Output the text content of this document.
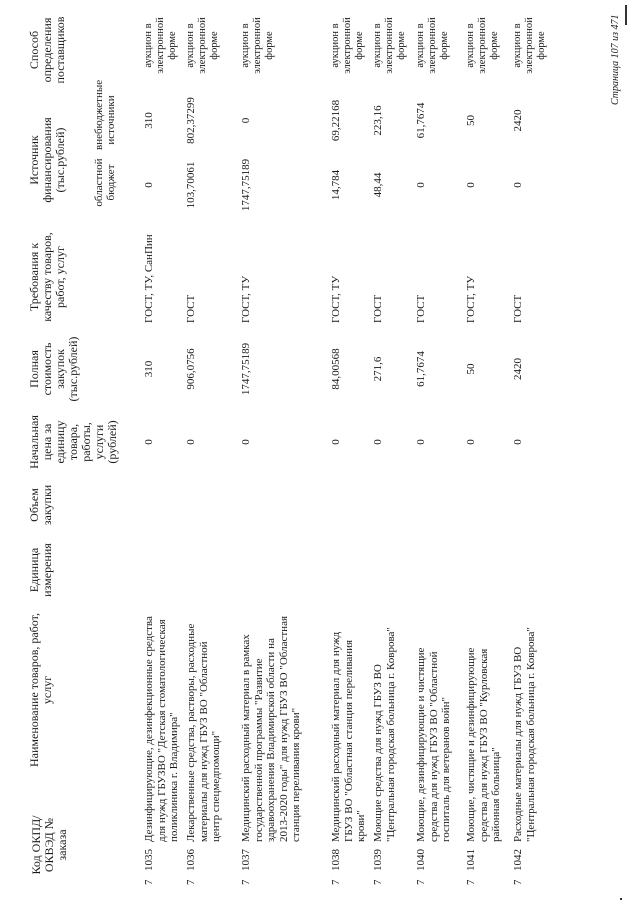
Код ОКПД/ ОКВЭД № заказа
Наименование товаров, работ, услуг
Единица измерения
Объем закупки
Начальная цена за единицу товара, работы, услуги (рублей)
Полная стоимость закупок (тыс.рублей)
Требования к качеству товаров, работ, услуг
Источник финансирования (тыс.рублей) областной бюджет
внебюджетные источники
Способ определения поставщиков
7
1035
Дезинфицирующие, дезинфекционные средства для нужд ГБУЗВО "Детская стоматологическая поликлиника г. Владимира"
0
310
ГОСТ, ТУ, СанПин
0
310
аукцион в электронной форме
7
1036
Лекарственные средства, растворы, расходные материалы для нужд ГБУЗ ВО "Областной центр спецмедпомощи"
0
906,0756
ГОСТ
103,70061
802,37299
аукцион в электронной форме
7
1037
Медицинский расходный материал в рамках государственной программы "Развитие здравоохранения Владимирской области на 2013-2020 годы" для нужд ГБУЗ ВО "Областная станция переливания крови"
0
1747,75189
ГОСТ, ТУ
1747,75189
0
аукцион в электронной форме
7
1038
Медицинский расходный материал для нужд ГБУЗ ВО "Областная станция переливания крови"
0
84,00568
ГОСТ, ТУ
14,784
69,22168
аукцион в электронной форме
7
1039
Моющие средства для нужд ГБУЗ ВО "Центральная городская больница г. Коврова"
0
271,6
ГОСТ
48,44
223,16
аукцион в электронной форме
7
1040
Моющие, дезинфицирующие и чистящие средства для нужд ГБУЗ ВО "Областной госпиталь для ветеранов войн"
0
61,7674
ГОСТ
0
61,7674
аукцион в электронной форме
7
1041
Моющие, чистящие и дезинфицирующие средства для нужд ГБУЗ ВО "Курловская районная больница"
0
50
ГОСТ, ТУ
0
50
аукцион в электронной форме
7
1042
Расходные материалы для нужд ГБУЗ ВО "Центральная городская больница г. Коврова"
0
2420
ГОСТ
0
2420
аукцион в электронной форме	Страница 107 из 471
